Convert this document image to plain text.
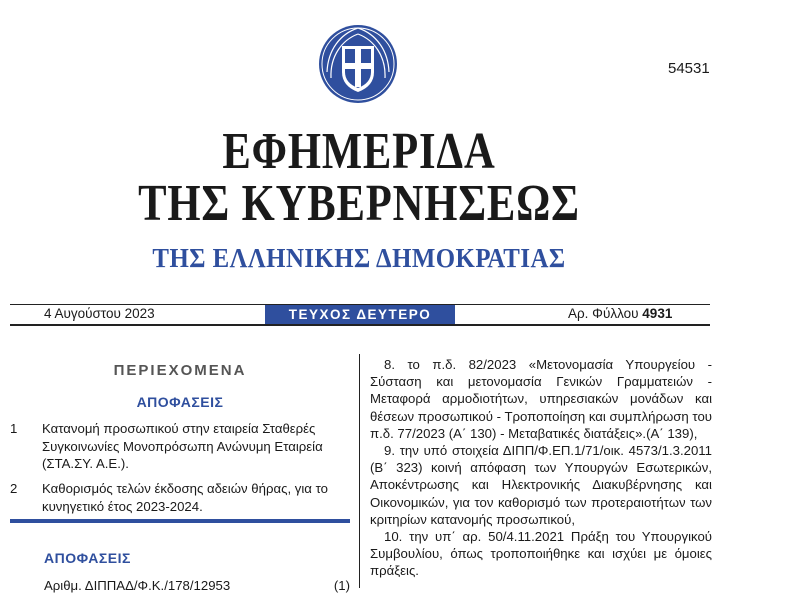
54531
ΕΦΗΜΕΡΙΔΑ
ΤΗΣ ΚΥΒΕΡΝΗΣΕΩΣ
ΤΗΣ ΕΛΛΗΝΙΚΗΣ ΔΗΜΟΚΡΑΤΙΑΣ
4 Αυγούστου 2023	ΤΕΥΧΟΣ ΔΕΥΤΕΡΟ	Αρ. Φύλλου 4931
ΠΕΡΙΕΧΟΜΕΝΑ
ΑΠΟΦΑΣΕΙΣ
1 Κατανομή προσωπικού στην εταιρεία Σταθερές Συγκοινωνίες Μονοπρόσωπη Ανώνυμη Εταιρεία (ΣΤΑ.ΣΥ. Α.Ε.).
2 Καθορισμός τελών έκδοσης αδειών θήρας, για το κυνηγετικό έτος 2023-2024.
ΑΠΟΦΑΣΕΙΣ
Αριθμ. ΔΙΠΠΑΔ/Φ.Κ./178/12953	(1)

8. το π.δ. 82/2023 «Μετονομασία Υπουργείου - Σύσταση και μετονομασία Γενικών Γραμματειών - Μεταφορά αρμοδιοτήτων, υπηρεσιακών μονάδων και θέσεων προσωπικού - Τροποποίηση και συμπλήρωση του π.δ. 77/2023 (Α΄ 130) - Μεταβατικές διατάξεις».(Α΄ 139),

9. την υπό στοιχεία ΔΙΠΠ/Φ.ΕΠ.1/71/οικ. 4573/1.3.2011 (Β΄ 323) κοινή απόφαση των Υπουργών Εσωτερικών, Αποκέντρωσης και Ηλεκτρονικής Διακυβέρνησης και Οικονομικών, για τον καθορισμό των προτεραιοτήτων των κριτηρίων κατανομής προσωπικού,

10. την υπ΄ αρ. 50/4.11.2021 Πράξη του Υπουργικού Συμβουλίου, όπως τροποποιήθηκε και ισχύει με όμοιες πράξεις.
